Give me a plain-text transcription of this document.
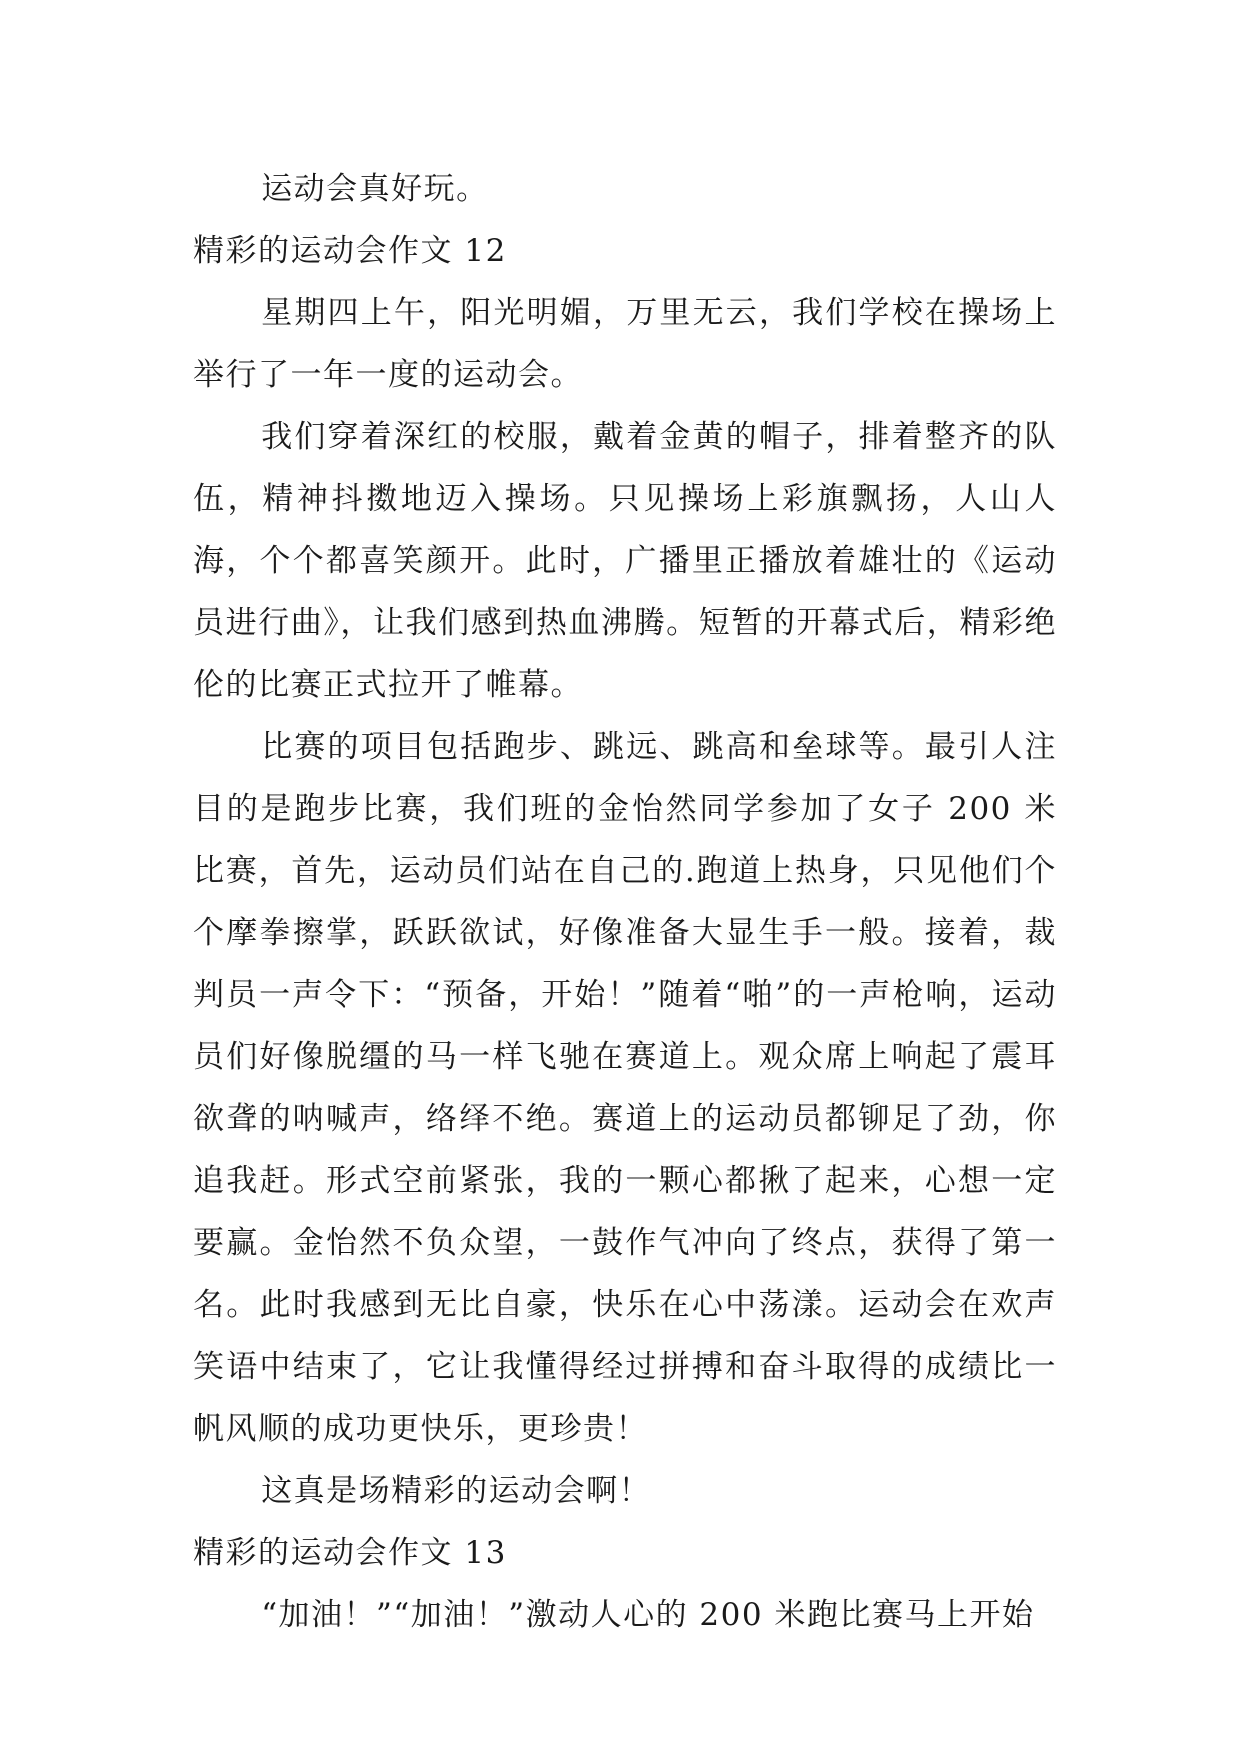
运动会真好玩。

精彩的运动会作文 12

星期四上午，阳光明媚，万里无云，我们学校在操场上举行了一年一度的运动会。

我们穿着深红的校服，戴着金黄的帽子，排着整齐的队伍，精神抖擞地迈入操场。只见操场上彩旗飘扬，人山人海，个个都喜笑颜开。此时，广播里正播放着雄壮的《运动员进行曲》，让我们感到热血沸腾。短暂的开幕式后，精彩绝伦的比赛正式拉开了帷幕。

比赛的项目包括跑步、跳远、跳高和垒球等。最引人注目的是跑步比赛，我们班的金怡然同学参加了女子 200 米比赛，首先，运动员们站在自己的.跑道上热身，只见他们个个摩拳擦掌，跃跃欲试，好像准备大显生手一般。接着，裁判员一声令下：“预备，开始！”随着“啪”的一声枪响，运动员们好像脱缰的马一样飞驰在赛道上。观众席上响起了震耳欲聋的呐喊声，络绎不绝。赛道上的运动员都铆足了劲，你追我赶。形式空前紧张，我的一颗心都揪了起来，心想一定要赢。金怡然不负众望，一鼓作气冲向了终点，获得了第一名。此时我感到无比自豪，快乐在心中荡漾。运动会在欢声笑语中结束了，它让我懂得经过拼搏和奋斗取得的成绩比一帆风顺的成功更快乐，更珍贵！

这真是场精彩的运动会啊！

精彩的运动会作文 13

“加油！”“加油！”激动人心的 200 米跑比赛马上开始
